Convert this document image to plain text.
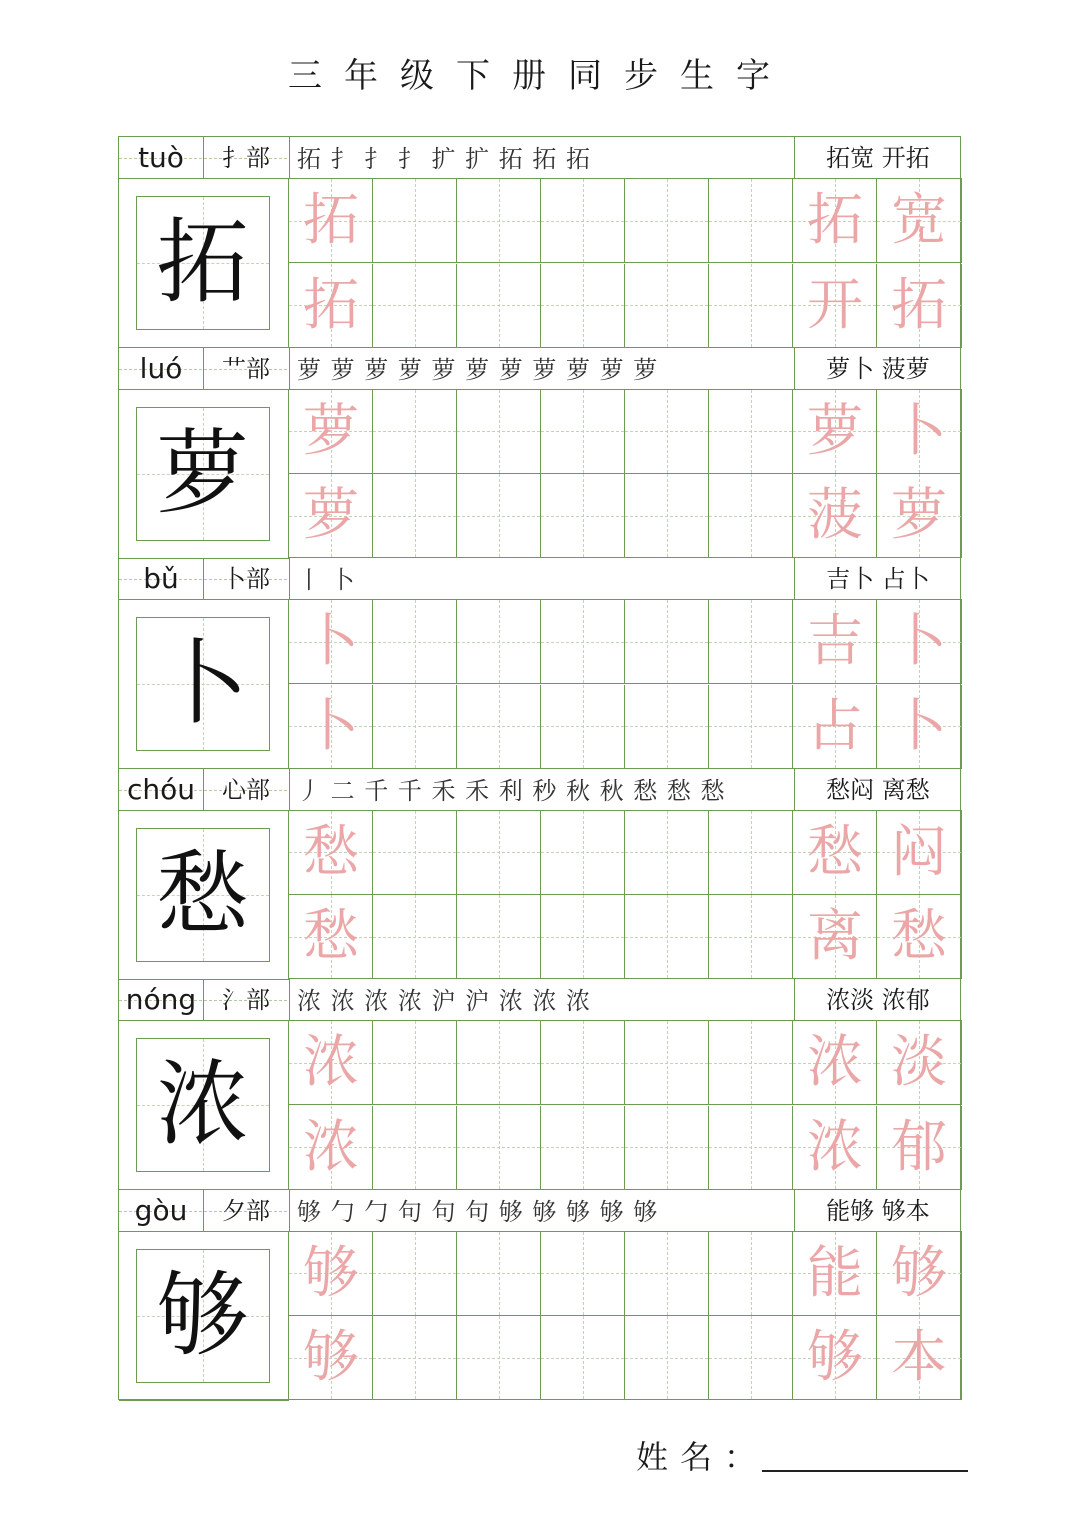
三年级下册同步生字
tuò	扌部	拓 扌 扌 扌 扩 扩 拓 拓 拓	拓宽 开拓
拓 拓	拓 宽
拓	开 拓
luó	艹部	萝 萝 萝 萝 萝 萝 萝 萝 萝 萝 萝	萝卜 菠萝
萝 萝	萝 卜
萝	菠 萝
bǔ	卜部	丨 卜	吉卜 占卜
卜 卜	吉 卜
卜	占 卜
chóu	心部	丿 二 千 千 禾 禾 利 秒 秋 秋 愁 愁 愁	愁闷 离愁
愁 愁	愁 闷
愁	离 愁
nóng	氵部	浓 浓 浓 浓 沪 沪 浓 浓 浓	浓淡 浓郁
浓 浓	浓 淡
浓	浓 郁
gòu	夕部	够 勹 勹 句 句 句 够 够 够 够 够	能够 够本
够 够	能 够
够	够 本
姓名：
